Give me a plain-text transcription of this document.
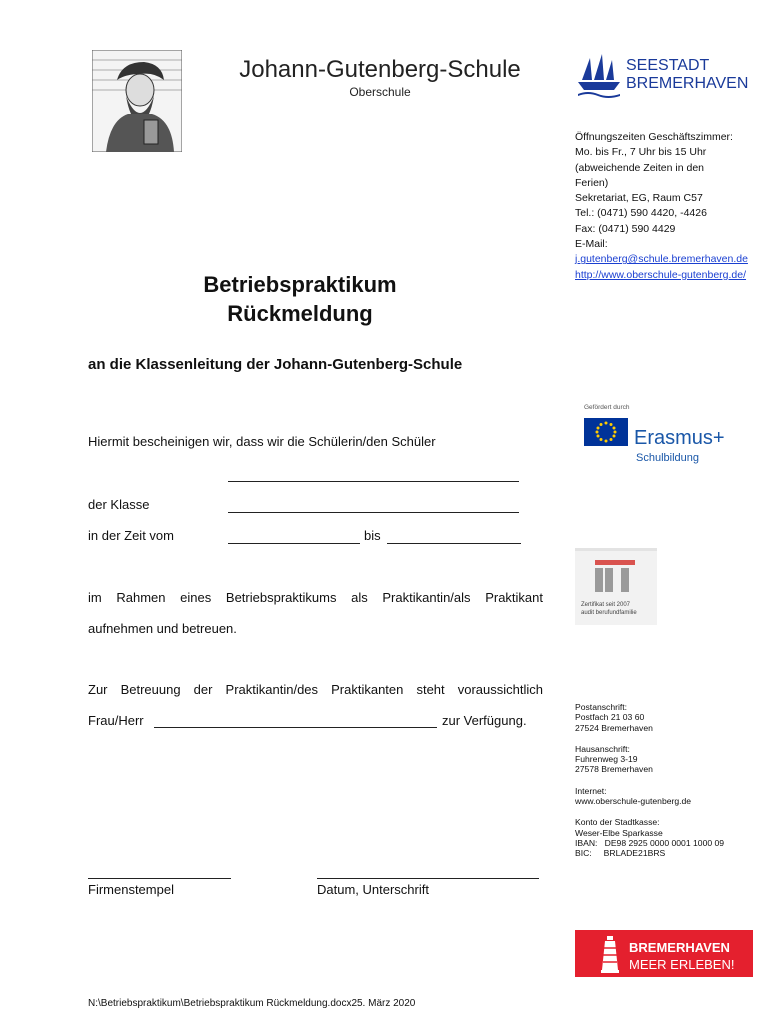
Johann-Gutenberg-Schule
Oberschule
SEESTADT
BREMERHAVEN
Öffnungszeiten Geschäftszimmer:
Mo. bis Fr., 7 Uhr bis 15 Uhr
(abweichende Zeiten in den
Ferien)
Sekretariat, EG, Raum C57
Tel.: (0471) 590 4420, -4426
Fax: (0471) 590 4429
E-Mail:
j.gutenberg@schule.bremerhaven.de
http://www.oberschule-gutenberg.de/
Betriebspraktikum
Rückmeldung
an die Klassenleitung der Johann-Gutenberg-Schule
Hiermit bescheinigen wir, dass wir die Schülerin/den Schüler
der Klasse
in der Zeit vom	bis
im Rahmen eines Betriebspraktikums als Praktikantin/als Praktikant
aufnehmen und betreuen.
Zur Betreuung der Praktikantin/des Praktikanten steht voraussichtlich
Frau/Herr	zur Verfügung.
Firmenstempel	Datum, Unterschrift
Gefördert durch
Erasmus+
Schulbildung
Zertifikat seit 2007
audit berufundfamilie
Postanschrift:
Postfach 21 03 60
27524 Bremerhaven
Hausanschrift:
Fuhrenweg 3-19
27578 Bremerhaven
Internet:
www.oberschule-gutenberg.de
Konto der Stadtkasse:
Weser-Elbe Sparkasse
IBAN:   DE98 2925 0000 0001 1000 09
BIC:     BRLADE21BRS
BREMERHAVEN
MEER ERLEBEN!
N:\Betriebspraktikum\Betriebspraktikum Rückmeldung.docx25. März 2020
